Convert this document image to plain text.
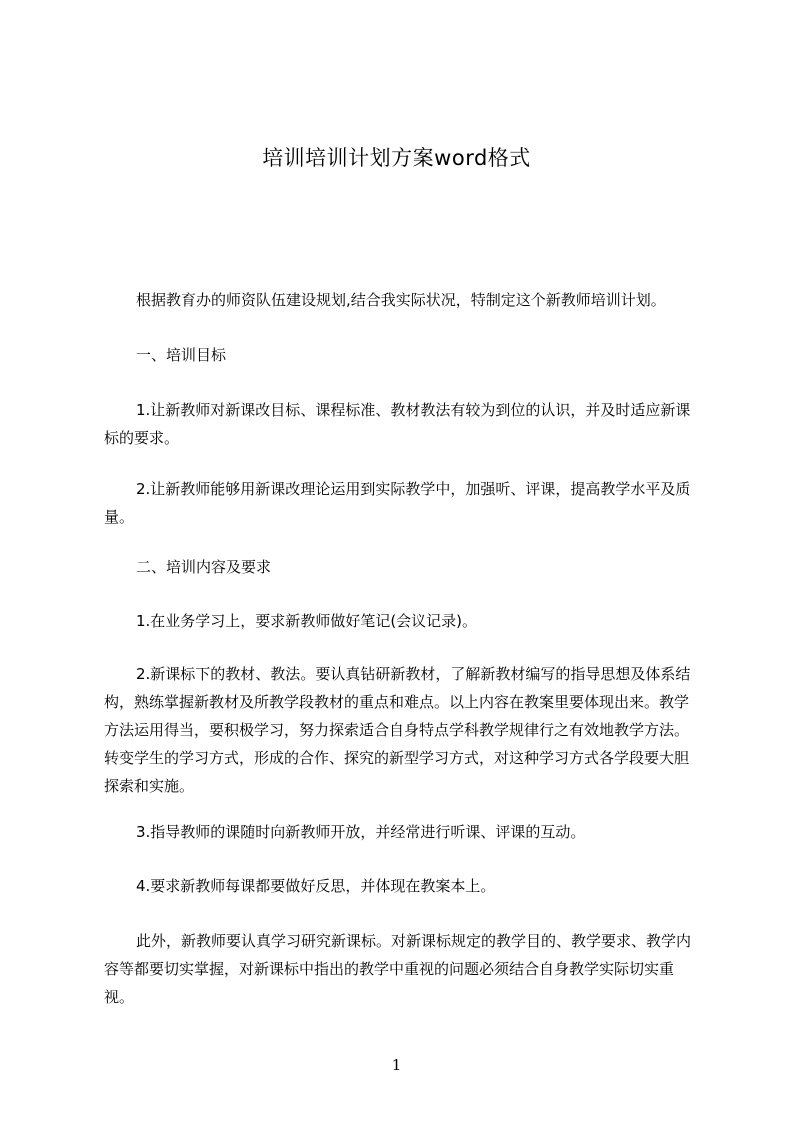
培训培训计划方案word格式
根据教育办的师资队伍建设规划,结合我实际状况，特制定这个新教师培训计划。
一、培训目标
1.让新教师对新课改目标、课程标准、教材教法有较为到位的认识，并及时适应新课标的要求。
2.让新教师能够用新课改理论运用到实际教学中，加强听、评课，提高教学水平及质量。
二、培训内容及要求
1.在业务学习上，要求新教师做好笔记(会议记录)。
2.新课标下的教材、教法。要认真钻研新教材，了解新教材编写的指导思想及体系结构，熟练掌握新教材及所教学段教材的重点和难点。以上内容在教案里要体现出来。教学方法运用得当，要积极学习，努力探索适合自身特点学科教学规律行之有效地教学方法。转变学生的学习方式，形成的合作、探究的新型学习方式，对这种学习方式各学段要大胆探索和实施。
3.指导教师的课随时向新教师开放，并经常进行听课、评课的互动。
4.要求新教师每课都要做好反思，并体现在教案本上。
此外，新教师要认真学习研究新课标。对新课标规定的教学目的、教学要求、教学内容等都要切实掌握，对新课标中指出的教学中重视的问题必须结合自身教学实际切实重视。
1
